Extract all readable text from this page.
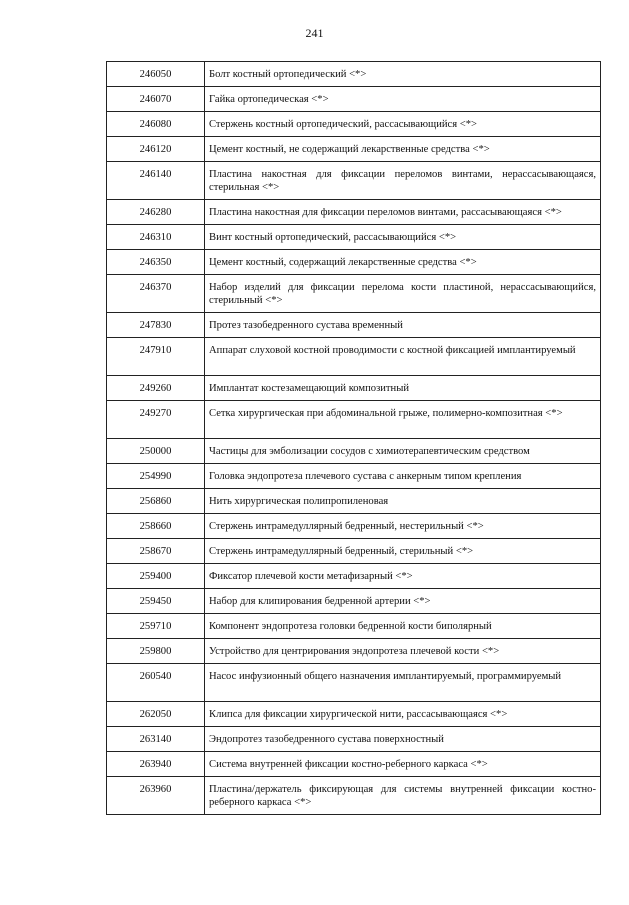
241
246050	Болт костный ортопедический <*>
246070	Гайка ортопедическая <*>
246080	Стержень костный ортопедический, рассасывающийся <*>
246120	Цемент костный, не содержащий лекарственные средства <*>
246140	Пластина накостная для фиксации переломов винтами, нерассасывающаяся, стерильная <*>
246280	Пластина накостная для фиксации переломов винтами, рассасывающаяся <*>
246310	Винт костный ортопедический, рассасывающийся <*>
246350	Цемент костный, содержащий лекарственные средства <*>
246370	Набор изделий для фиксации перелома кости пластиной, нерассасывающийся, стерильный <*>
247830	Протез тазобедренного сустава временный
247910	Аппарат слуховой костной проводимости с костной фиксацией имплантируемый
249260	Имплантат костезамещающий композитный
249270	Сетка хирургическая при абдоминальной грыже, полимерно-композитная <*>
250000	Частицы для эмболизации сосудов с химиотерапевтическим средством
254990	Головка эндопротеза плечевого сустава с анкерным типом крепления
256860	Нить хирургическая полипропиленовая
258660	Стержень интрамедуллярный бедренный, нестерильный <*>
258670	Стержень интрамедуллярный бедренный, стерильный <*>
259400	Фиксатор плечевой кости метафизарный <*>
259450	Набор для клипирования бедренной артерии <*>
259710	Компонент эндопротеза головки бедренной кости биполярный
259800	Устройство для центрирования эндопротеза плечевой кости <*>
260540	Насос инфузионный общего назначения имплантируемый, программируемый
262050	Клипса для фиксации хирургической нити, рассасывающаяся <*>
263140	Эндопротез тазобедренного сустава поверхностный
263940	Система внутренней фиксации костно-реберного каркаса <*>
263960	Пластина/держатель фиксирующая для системы внутренней фиксации костно-реберного каркаса <*>
